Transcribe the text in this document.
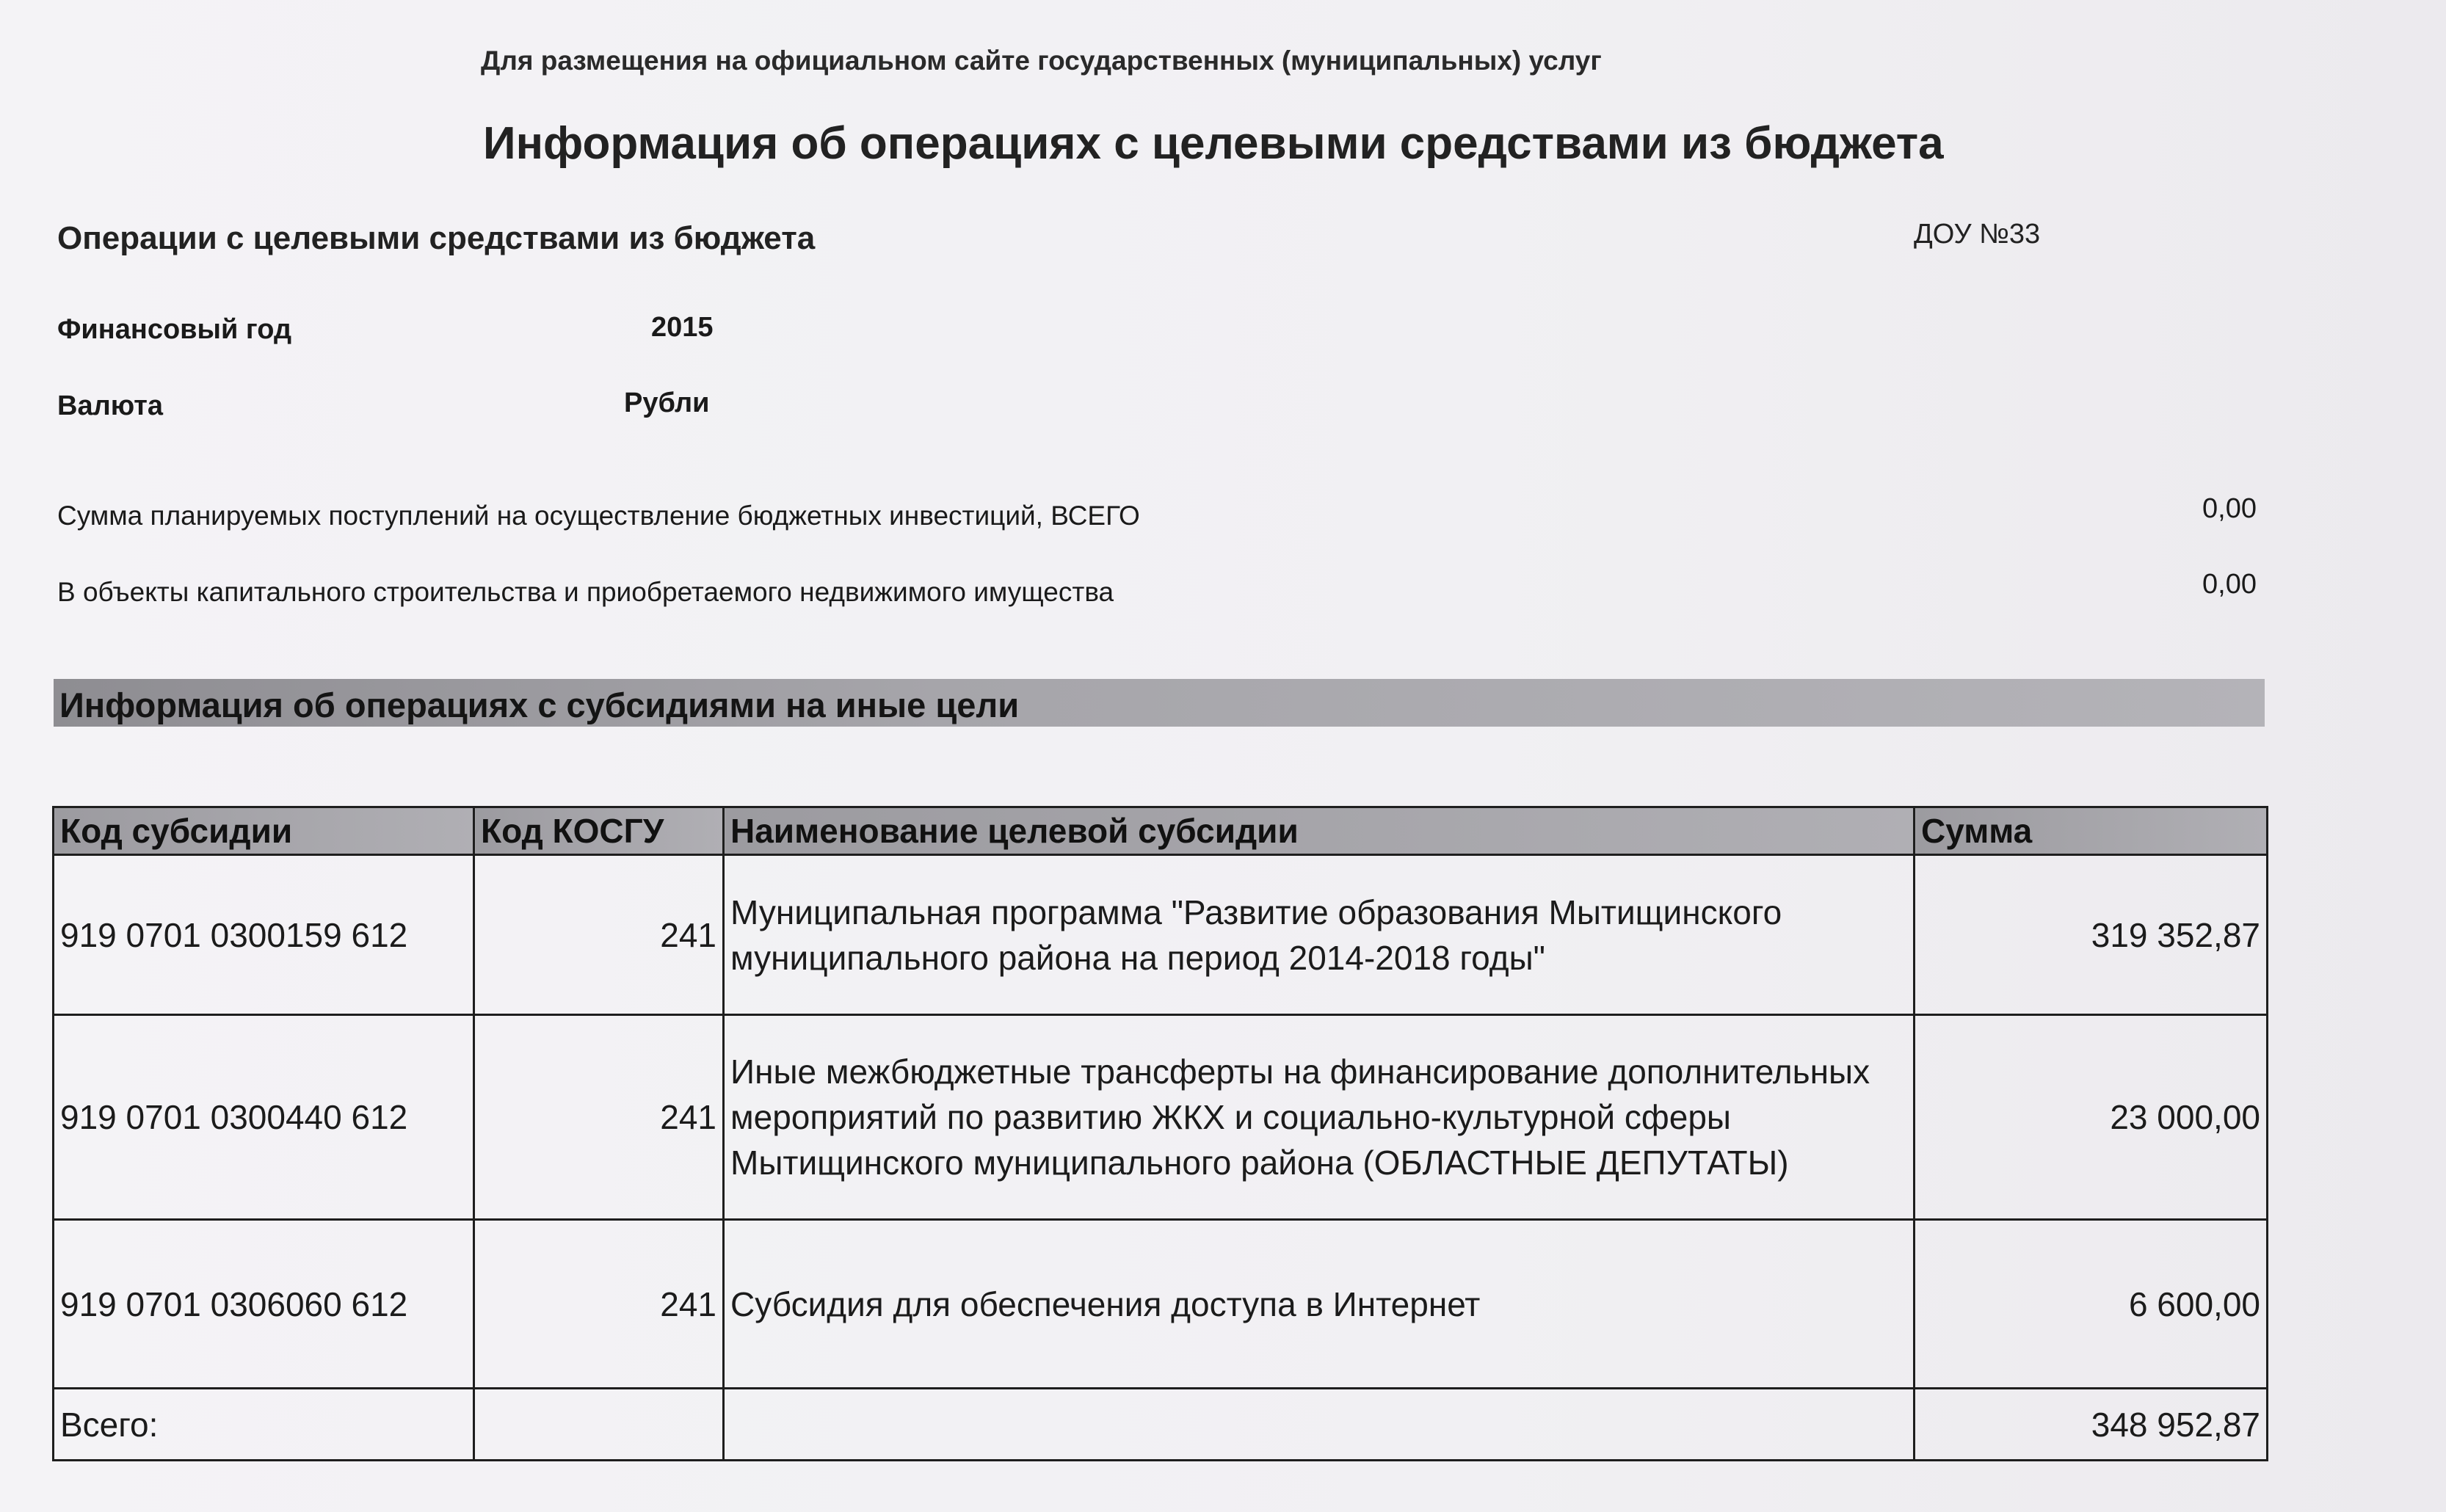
Для размещения на официальном сайте государственных (муниципальных) услуг
Информация об операциях с целевыми средствами из бюджета
Операции с целевыми средствами из бюджета	ДОУ №33
Финансовый год	2015
Валюта	Рубли
Сумма планируемых поступлений на осуществление бюджетных инвестиций, ВСЕГО	0,00
В объекты капитального строительства и приобретаемого недвижимого имущества	0,00
Информация об операциях с субсидиями на иные цели
Код субсидии	Код КОСГУ	Наименование целевой субсидии	Сумма
919 0701 0300159 612	241	Муниципальная программа "Развитие образования Мытищинского муниципального района на период 2014-2018 годы"	319 352,87
919 0701 0300440 612	241	Иные межбюджетные трансферты на финансирование дополнительных мероприятий по развитию ЖКХ и социально-культурной сферы Мытищинского муниципального района (ОБЛАСТНЫЕ ДЕПУТАТЫ)	23 000,00
919 0701 0306060 612	241	Субсидия для обеспечения доступа в Интернет	6 600,00
Всего:			348 952,87
